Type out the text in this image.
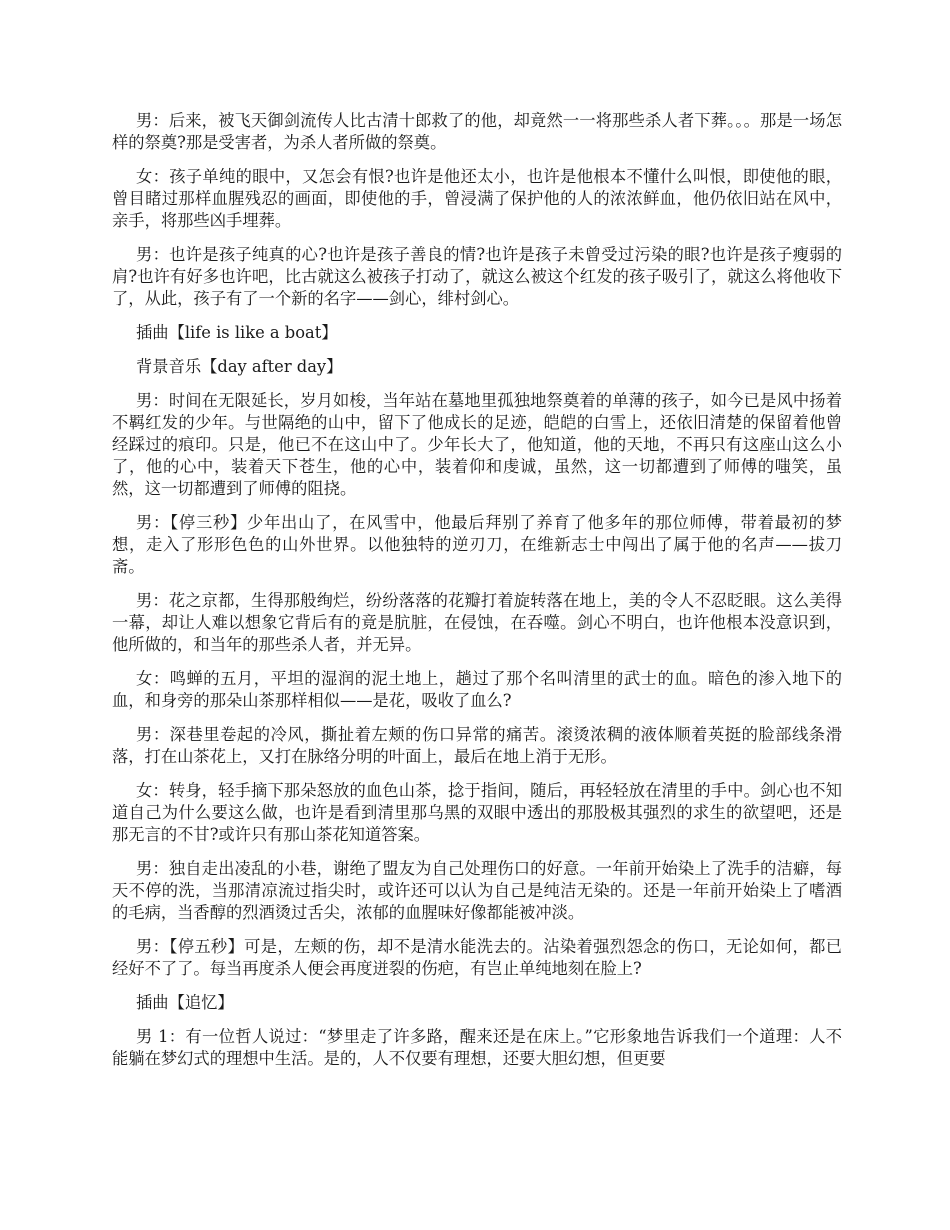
男：后来，被飞天御剑流传人比古清十郎救了的他，却竟然一一将那些杀人者下葬。。。那是一场怎样的祭奠?那是受害者，为杀人者所做的祭奠。

女：孩子单纯的眼中，又怎会有恨?也许是他还太小，也许是他根本不懂什么叫恨，即使他的眼，曾目睹过那样血腥残忍的画面，即使他的手，曾浸满了保护他的人的浓浓鲜血，他仍依旧站在风中，亲手，将那些凶手埋葬。

男：也许是孩子纯真的心?也许是孩子善良的情?也许是孩子未曾受过污染的眼?也许是孩子瘦弱的肩?也许有好多也许吧，比古就这么被孩子打动了，就这么被这个红发的孩子吸引了，就这么将他收下了，从此，孩子有了一个新的名字——剑心，绯村剑心。

插曲【life is like a boat】

背景音乐【day after day】

男：时间在无限延长，岁月如梭，当年站在墓地里孤独地祭奠着的单薄的孩子，如今已是风中扬着不羁红发的少年。与世隔绝的山中，留下了他成长的足迹，皑皑的白雪上，还依旧清楚的保留着他曾经踩过的痕印。只是，他已不在这山中了。少年长大了，他知道，他的天地，不再只有这座山这么小了，他的心中，装着天下苍生，他的心中，装着仰和虔诚，虽然，这一切都遭到了师傅的嗤笑，虽然，这一切都遭到了师傅的阻挠。

男：【停三秒】少年出山了，在风雪中，他最后拜别了养育了他多年的那位师傅，带着最初的梦想，走入了形形色色的山外世界。以他独特的逆刃刀，在维新志士中闯出了属于他的名声——拔刀斋。

男：花之京都，生得那般绚烂，纷纷落落的花瓣打着旋转落在地上，美的令人不忍眨眼。这么美得一幕，却让人难以想象它背后有的竟是肮脏，在侵蚀，在吞噬。剑心不明白，也许他根本没意识到，他所做的，和当年的那些杀人者，并无异。

女：鸣蝉的五月，平坦的湿润的泥土地上，趟过了那个名叫清里的武士的血。暗色的渗入地下的血，和身旁的那朵山茶那样相似——是花，吸收了血么?

男：深巷里卷起的冷风，撕扯着左颊的伤口异常的痛苦。滚烫浓稠的液体顺着英挺的脸部线条滑落，打在山茶花上，又打在脉络分明的叶面上，最后在地上消于无形。

女：转身，轻手摘下那朵怒放的血色山茶，捻于指间，随后，再轻轻放在清里的手中。剑心也不知道自己为什么要这么做，也许是看到清里那乌黑的双眼中透出的那股极其强烈的求生的欲望吧，还是那无言的不甘?或许只有那山茶花知道答案。

男：独自走出凌乱的小巷，谢绝了盟友为自己处理伤口的好意。一年前开始染上了洗手的洁癖，每天不停的洗，当那清凉流过指尖时，或许还可以认为自己是纯洁无染的。还是一年前开始染上了嗜酒的毛病，当香醇的烈酒烫过舌尖，浓郁的血腥味好像都能被冲淡。

男：【停五秒】可是，左颊的伤，却不是清水能洗去的。沾染着强烈怨念的伤口，无论如何，都已经好不了了。每当再度杀人便会再度迸裂的伤疤，有岂止单纯地刻在脸上?

插曲【追忆】

男 1：有一位哲人说过：“梦里走了许多路，醒来还是在床上。”它形象地告诉我们一个道理：人不能躺在梦幻式的理想中生活。是的，人不仅要有理想，还要大胆幻想，但更要
